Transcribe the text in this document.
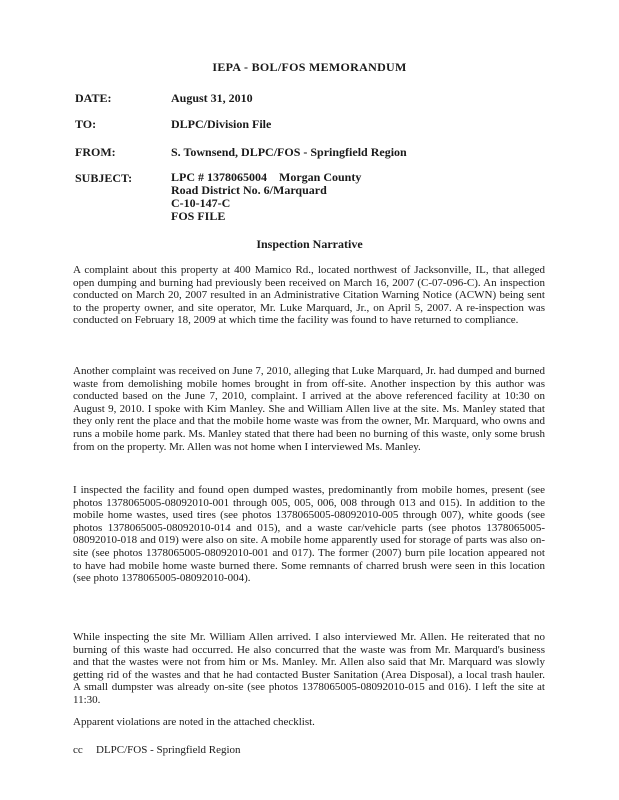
IEPA - BOL/FOS MEMORANDUM
DATE:	August 31, 2010
TO:	DLPC/Division File
FROM:	S. Townsend, DLPC/FOS - Springfield Region
SUBJECT:	LPC # 1378065004 Morgan County
Road District No. 6/Marquard
C-10-147-C
FOS FILE
Inspection Narrative

A complaint about this property at 400 Mamico Rd., located northwest of Jacksonville, IL, that alleged open dumping and burning had previously been received on March 16, 2007 (C-07-096-C). An inspection conducted on March 20, 2007 resulted in an Administrative Citation Warning Notice (ACWN) being sent to the property owner, and site operator, Mr. Luke Marquard, Jr., on April 5, 2007. A re-inspection was conducted on February 18, 2009 at which time the facility was found to have returned to compliance.

Another complaint was received on June 7, 2010, alleging that Luke Marquard, Jr. had dumped and burned waste from demolishing mobile homes brought in from off-site. Another inspection by this author was conducted based on the June 7, 2010, complaint. I arrived at the above referenced facility at 10:30 on August 9, 2010. I spoke with Kim Manley. She and William Allen live at the site. Ms. Manley stated that they only rent the place and that the mobile home waste was from the owner, Mr. Marquard, who owns and runs a mobile home park. Ms. Manley stated that there had been no burning of this waste, only some brush from on the property. Mr. Allen was not home when I interviewed Ms. Manley.

I inspected the facility and found open dumped wastes, predominantly from mobile homes, present (see photos 1378065005-08092010-001 through 005, 005, 006, 008 through 013 and 015). In addition to the mobile home wastes, used tires (see photos 1378065005-08092010-005 through 007), white goods (see photos 1378065005-08092010-014 and 015), and a waste car/vehicle parts (see photos 1378065005-08092010-018 and 019) were also on site. A mobile home apparently used for storage of parts was also on-site (see photos 1378065005-08092010-001 and 017). The former (2007) burn pile location appeared not to have had mobile home waste burned there. Some remnants of charred brush were seen in this location (see photo 1378065005-08092010-004).

While inspecting the site Mr. William Allen arrived. I also interviewed Mr. Allen. He reiterated that no burning of this waste had occurred. He also concurred that the waste was from Mr. Marquard's business and that the wastes were not from him or Ms. Manley. Mr. Allen also said that Mr. Marquard was slowly getting rid of the wastes and that he had contacted Buster Sanitation (Area Disposal), a local trash hauler. A small dumpster was already on-site (see photos 1378065005-08092010-015 and 016). I left the site at 11:30.

Apparent violations are noted in the attached checklist.

cc DLPC/FOS - Springfield Region
